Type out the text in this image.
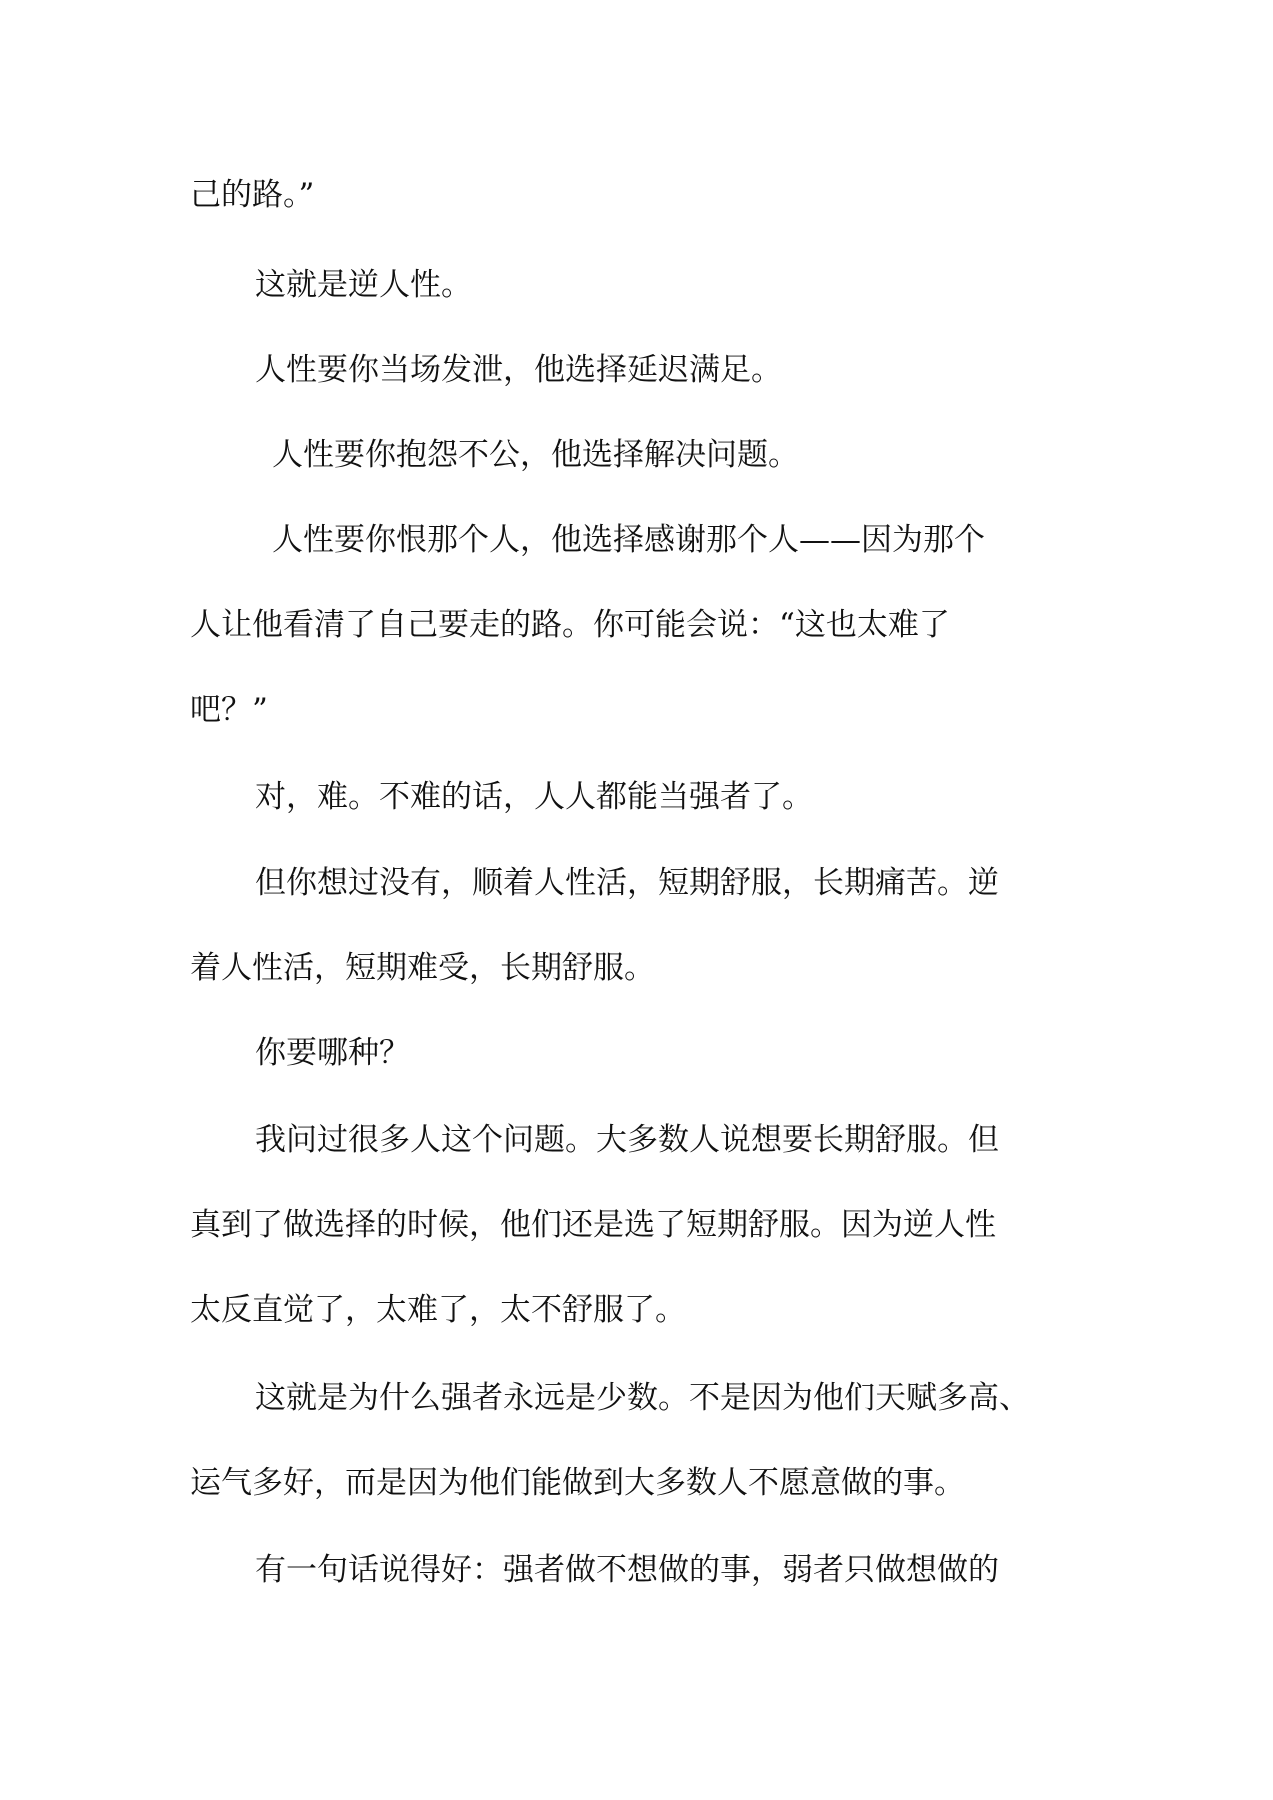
己的路。”

这就是逆人性。

人性要你当场发泄，他选择延迟满足。

人性要你抱怨不公，他选择解决问题。

人性要你恨那个人，他选择感谢那个人——因为那个

人让他看清了自己要走的路。你可能会说：“这也太难了

吧？”

对，难。不难的话，人人都能当强者了。

但你想过没有，顺着人性活，短期舒服，长期痛苦。逆

着人性活，短期难受，长期舒服。

你要哪种？

我问过很多人这个问题。大多数人说想要长期舒服。但

真到了做选择的时候，他们还是选了短期舒服。因为逆人性

太反直觉了，太难了，太不舒服了。

这就是为什么强者永远是少数。不是因为他们天赋多高、

运气多好，而是因为他们能做到大多数人不愿意做的事。

有一句话说得好：强者做不想做的事，弱者只做想做的
